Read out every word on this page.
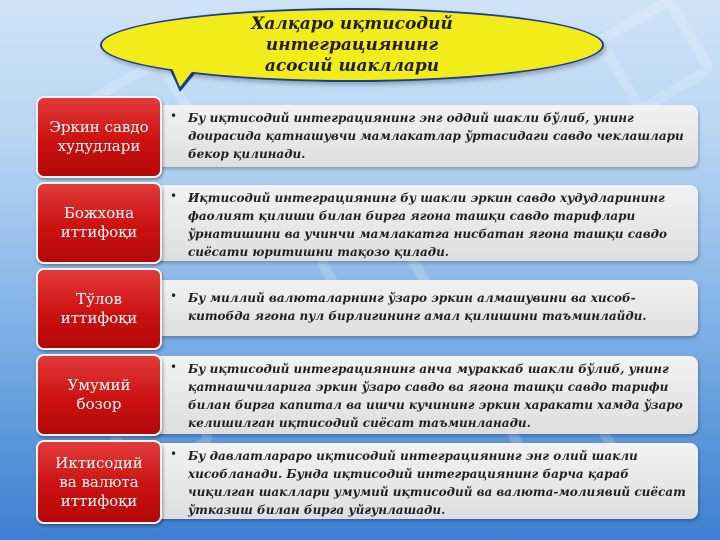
Халқаро иқтисодий интеграциянинг
асосий шакллари
Эркин савдо
худудлари
• Бу иқтисодий интеграциянинг энг оддий шакли бўлиб, унинг доирасида қатнашувчи мамлакатлар ўртасидаги савдо чеклашлари бекор қилинади.
Божхона
иттифоқи
• Иқтисодий интеграциянинг бу шакли эркин савдо худудларининг фаолият қилиши билан бирга ягона ташқи савдо тарифлари ўрнатишини ва учинчи мамлакатга нисбатан ягона ташқи савдо сиёсати юритишни тақозо қилади.
Тўлов
иттифоқи
• Бу миллий валюталарнинг ўзаро эркин алмашувини ва хисоб-китобда ягона пул бирлигининг амал қилишини таъминлайди.
Умумий
бозор
• Бу иқтисодий интеграциянинг анча мураккаб шакли бўлиб, унинг қатнашчиларига эркин ўзаро савдо ва ягона ташқи савдо тарифи билан бирга капитал ва ишчи кучининг эркин харакати хамда ўзаро келишилган иқтисодий сиёсат таъминланади.
Иктисодий
ва валюта
иттифоқи
• Бу давлатлараро иқтисодий интеграциянинг энг олий шакли хисобланади. Бунда иқтисодий интеграциянинг барча қараб чиқилган шакллари умумий иқтисодий ва валюта-молиявий сиёсат ўтказиш билан бирга уйғунлашади.
